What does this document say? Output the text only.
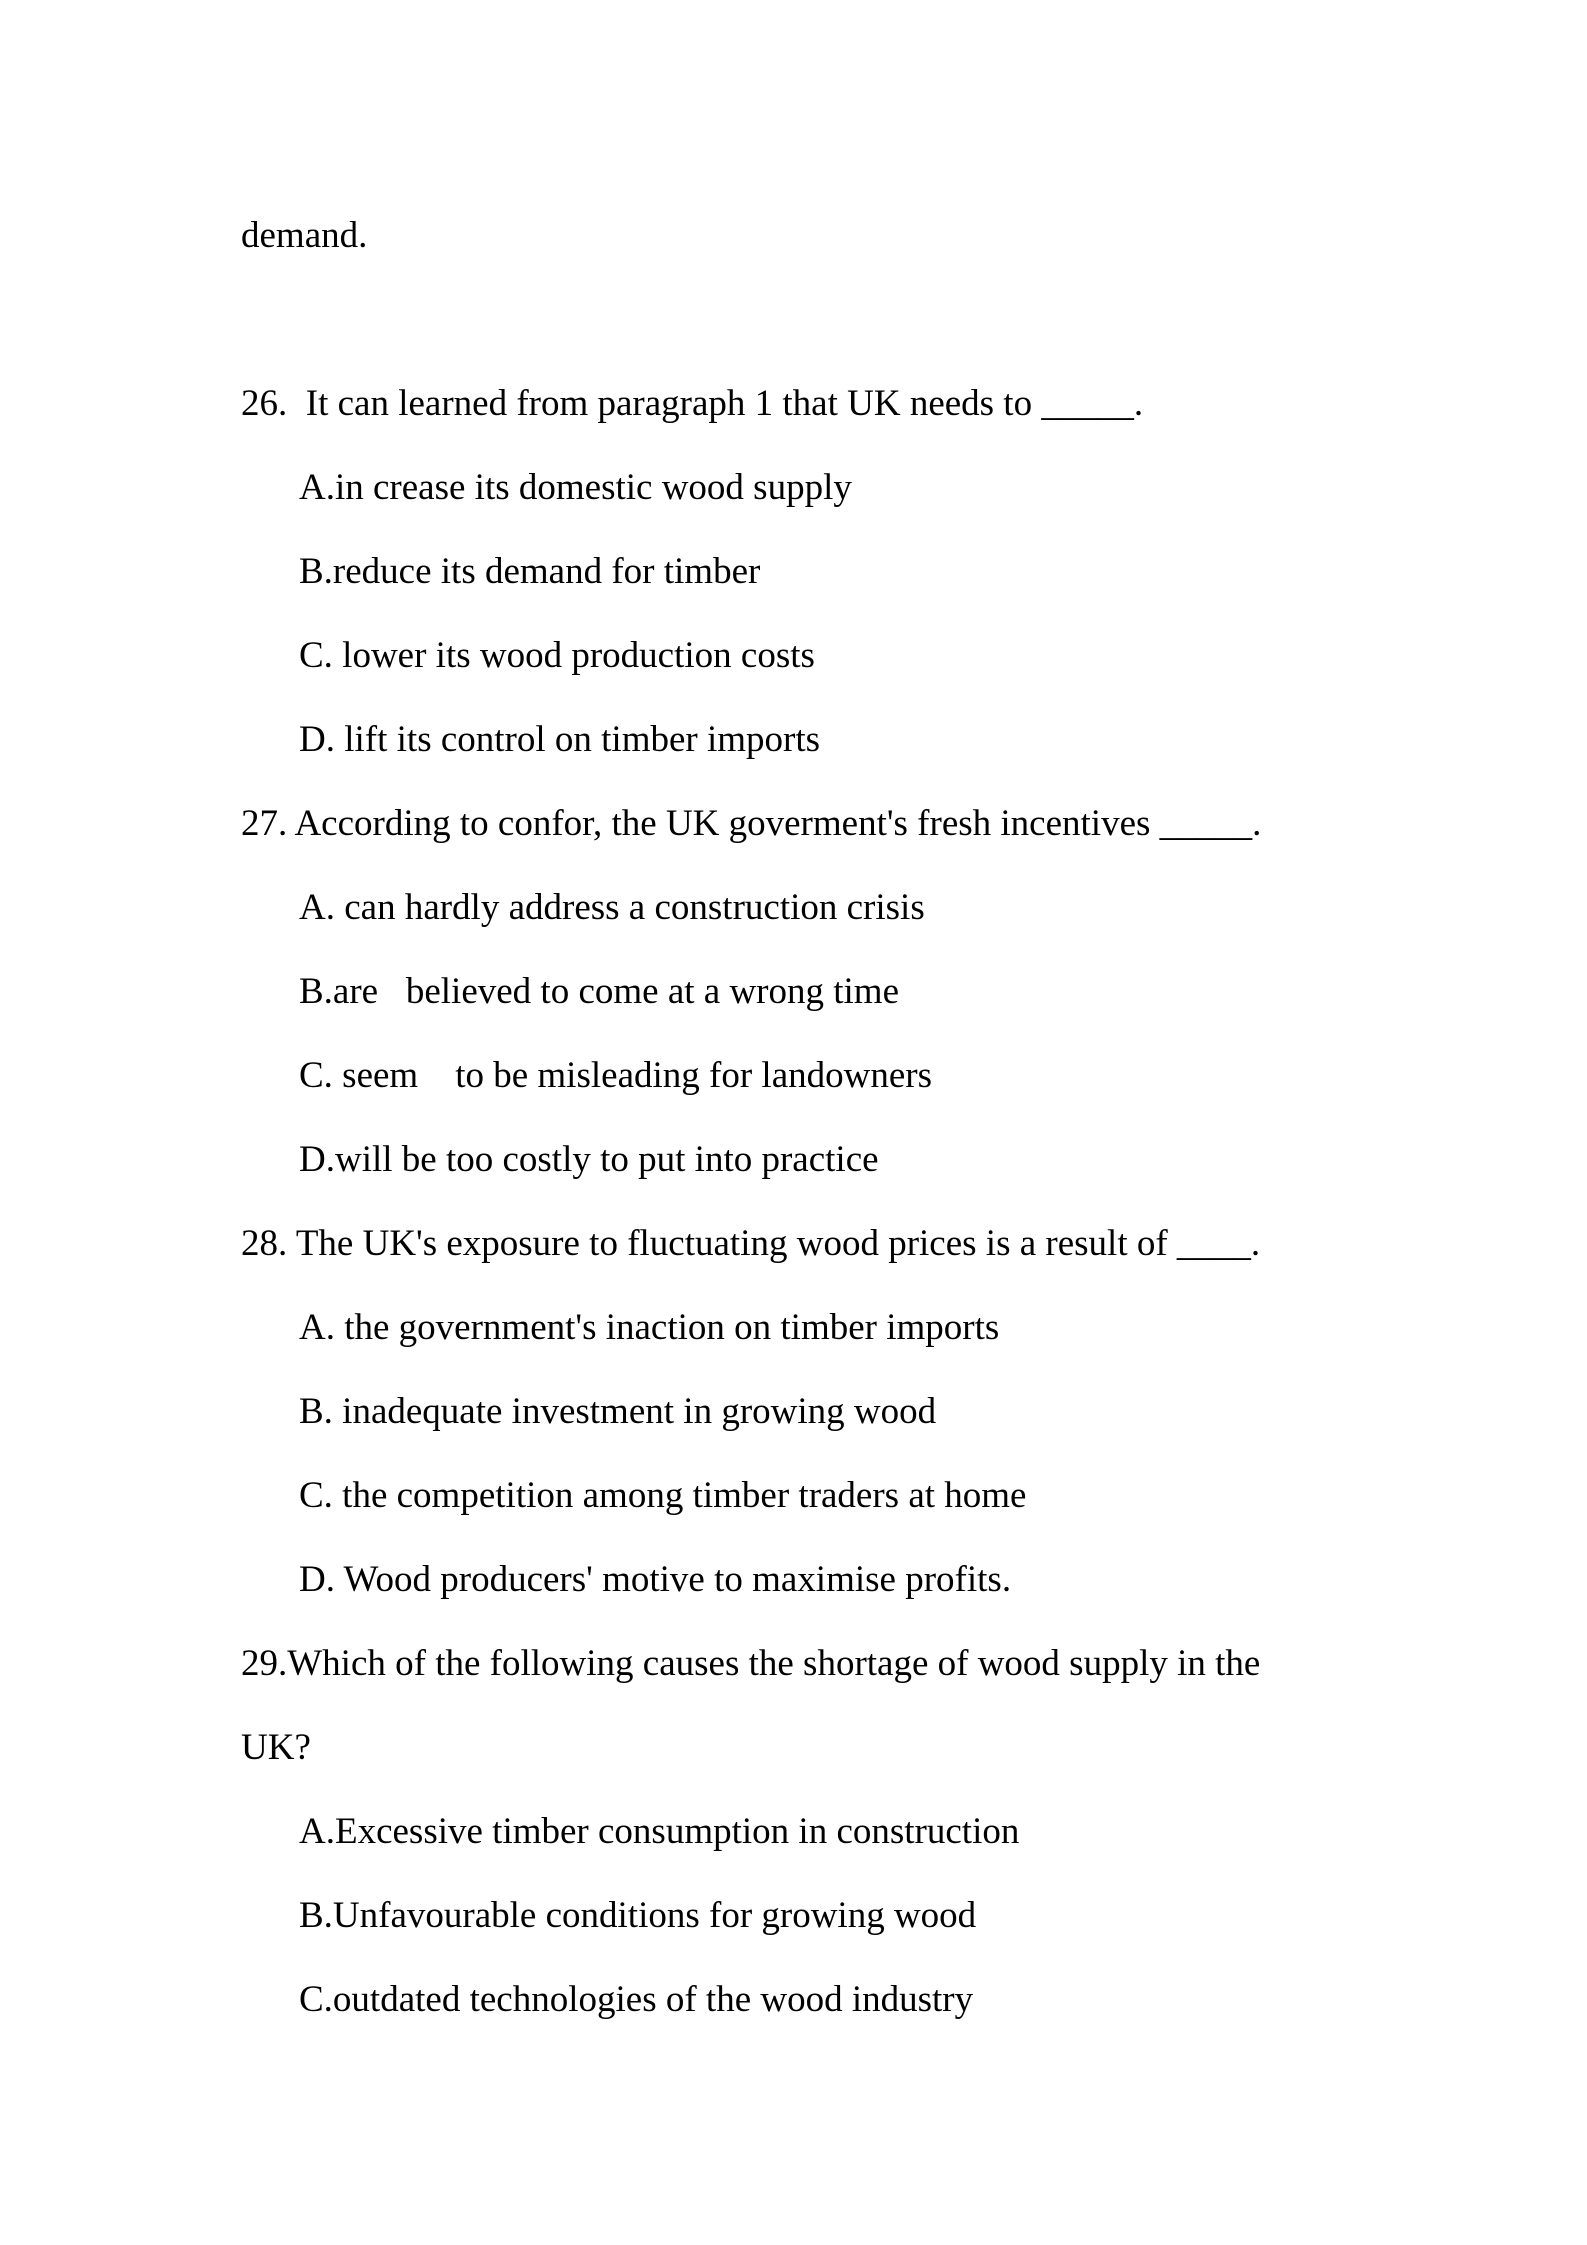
demand.

26.  It can learned from paragraph 1 that UK needs to _____.

A.in crease its domestic wood supply

B.reduce its demand for timber

C. lower its wood production costs

D. lift its control on timber imports

27. According to confor, the UK goverment's fresh incentives _____.

A. can hardly address a construction crisis

B.are   believed to come at a wrong time

C. seem    to be misleading for landowners

D.will be too costly to put into practice

28. The UK's exposure to fluctuating wood prices is a result of ____.

A. the government's inaction on timber imports

B. inadequate investment in growing wood

C. the competition among timber traders at home

D. Wood producers' motive to maximise profits.

29.Which of the following causes the shortage of wood supply in the

UK?

A.Excessive timber consumption in construction

B.Unfavourable conditions for growing wood

C.outdated technologies of the wood industry
